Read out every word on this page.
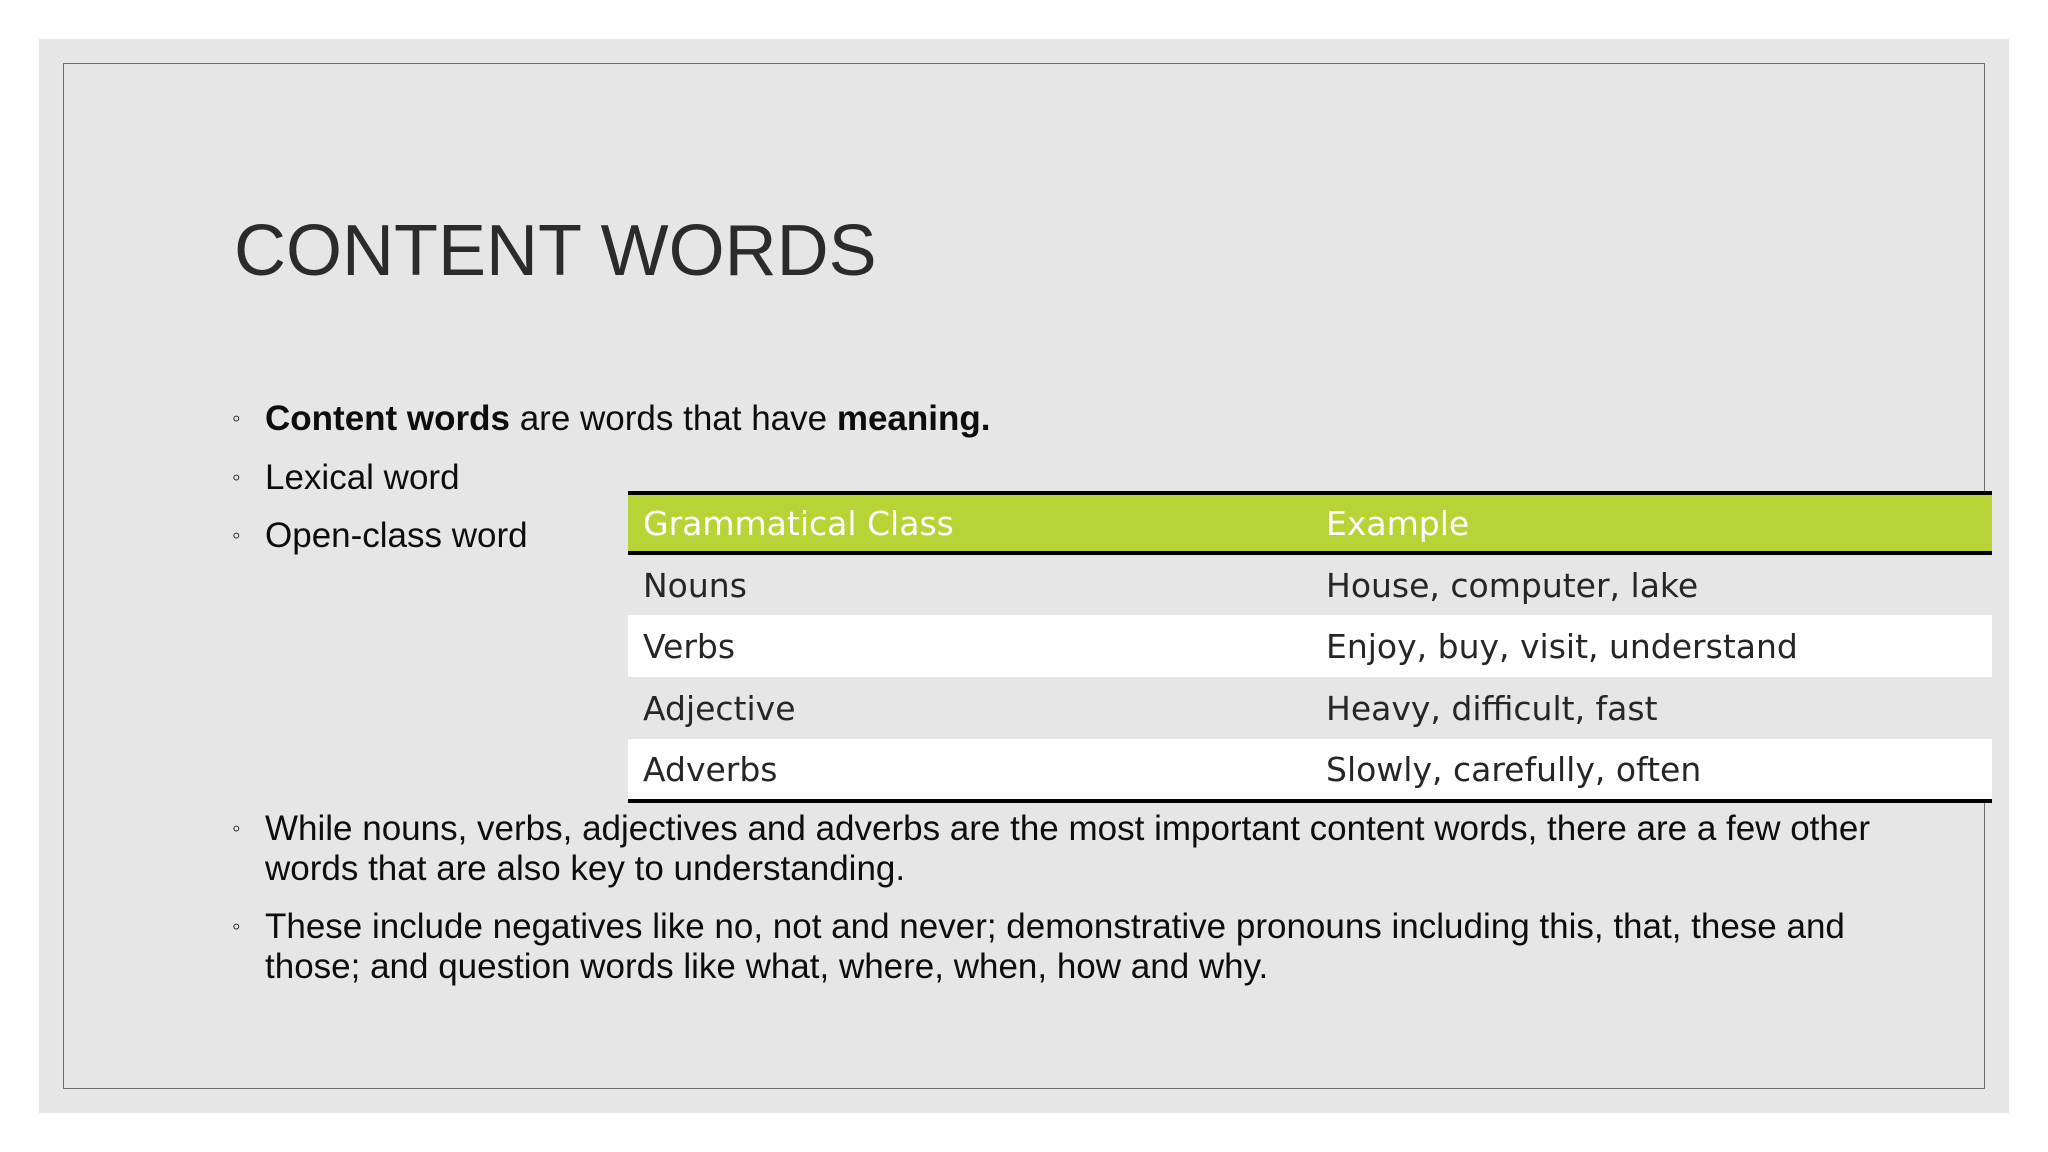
CONTENT WORDS
◦ Content words are words that have meaning.
◦ Lexical word
◦ Open-class word	Grammatical Class	Example
Nouns	House, computer, lake
Verbs	Enjoy, buy, visit, understand
Adjective	Heavy, difficult, fast
Adverbs	Slowly, carefully, often
◦ While nouns, verbs, adjectives and adverbs are the most important content words, there are a few other words that are also key to understanding.
◦ These include negatives like no, not and never; demonstrative pronouns including this, that, these and those; and question words like what, where, when, how and why.
